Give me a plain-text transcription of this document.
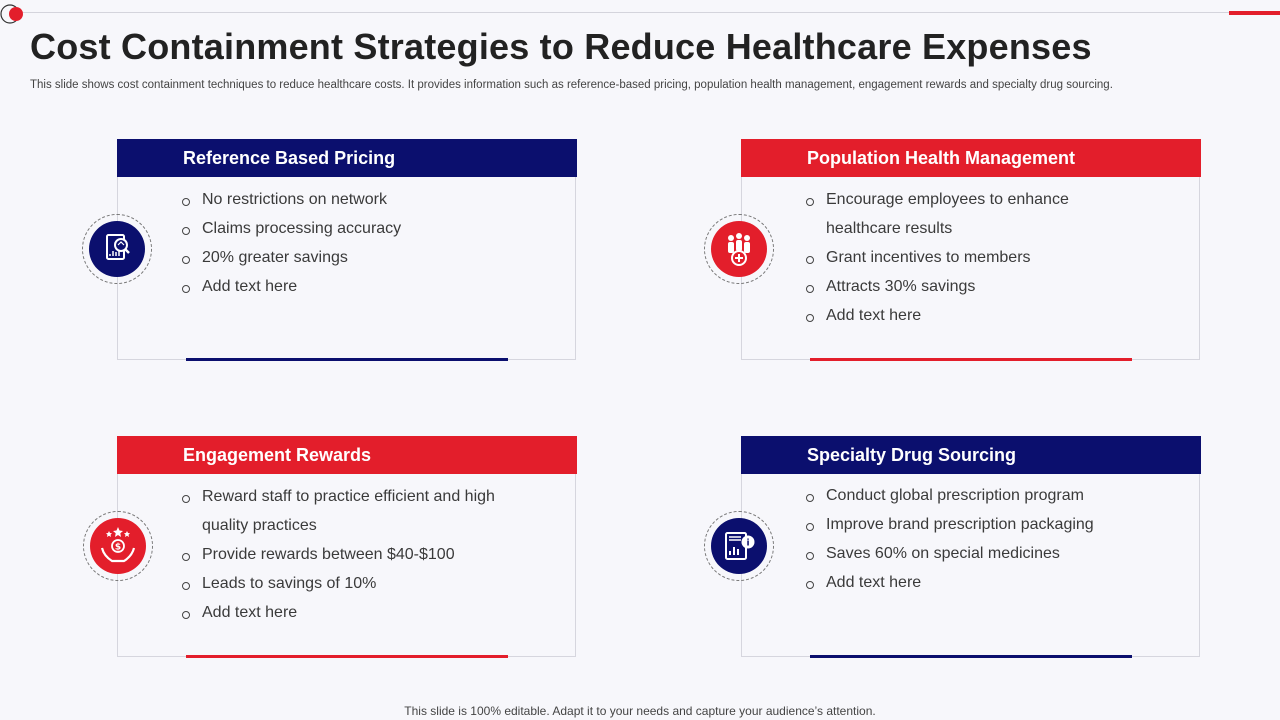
Cost Containment Strategies to Reduce Healthcare Expenses
This slide shows cost containment techniques to reduce healthcare costs. It provides information such as reference-based pricing, population health management, engagement rewards and specialty drug sourcing.
Reference Based Pricing
No restrictions on network
Claims processing accuracy
20% greater savings
Add text here
Population Health Management
Encourage employees to enhance healthcare results
Grant incentives to members
Attracts 30% savings
Add text here
Engagement Rewards
Reward staff to practice efficient and high quality practices
Provide rewards between $40-$100
Leads to savings of 10%
Add text here
$
Specialty Drug Sourcing
Conduct global prescription program
Improve brand prescription packaging
Saves 60% on special medicines
Add text here
i
This slide is 100% editable. Adapt it to your needs and capture your audience’s attention.
